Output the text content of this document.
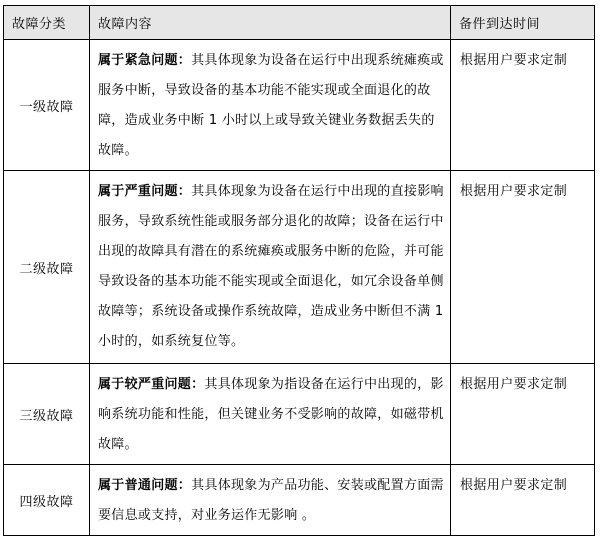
故障分类	故障内容	备件到达时间
一级故障	属于紧急问题：其具体现象为设备在运行中出现系统瘫痪或服务中断，导致设备的基本功能不能实现或全面退化的故障，造成业务中断 1 小时以上或导致关键业务数据丢失的故障。	根据用户要求定制
二级故障	属于严重问题：其具体现象为设备在运行中出现的直接影响服务，导致系统性能或服务部分退化的故障；设备在运行中出现的故障具有潜在的系统瘫痪或服务中断的危险，并可能导致设备的基本功能不能实现或全面退化，如冗余设备单侧故障等；系统设备或操作系统故障，造成业务中断但不满 1 小时的，如系统复位等。	根据用户要求定制
三级故障	属于较严重问题：其具体现象为指设备在运行中出现的，影响系统功能和性能，但关键业务不受影响的故障，如磁带机故障。	根据用户要求定制
四级故障	属于普通问题：其具体现象为产品功能、安装或配置方面需要信息或支持，对业务运作无影响 。	根据用户要求定制
